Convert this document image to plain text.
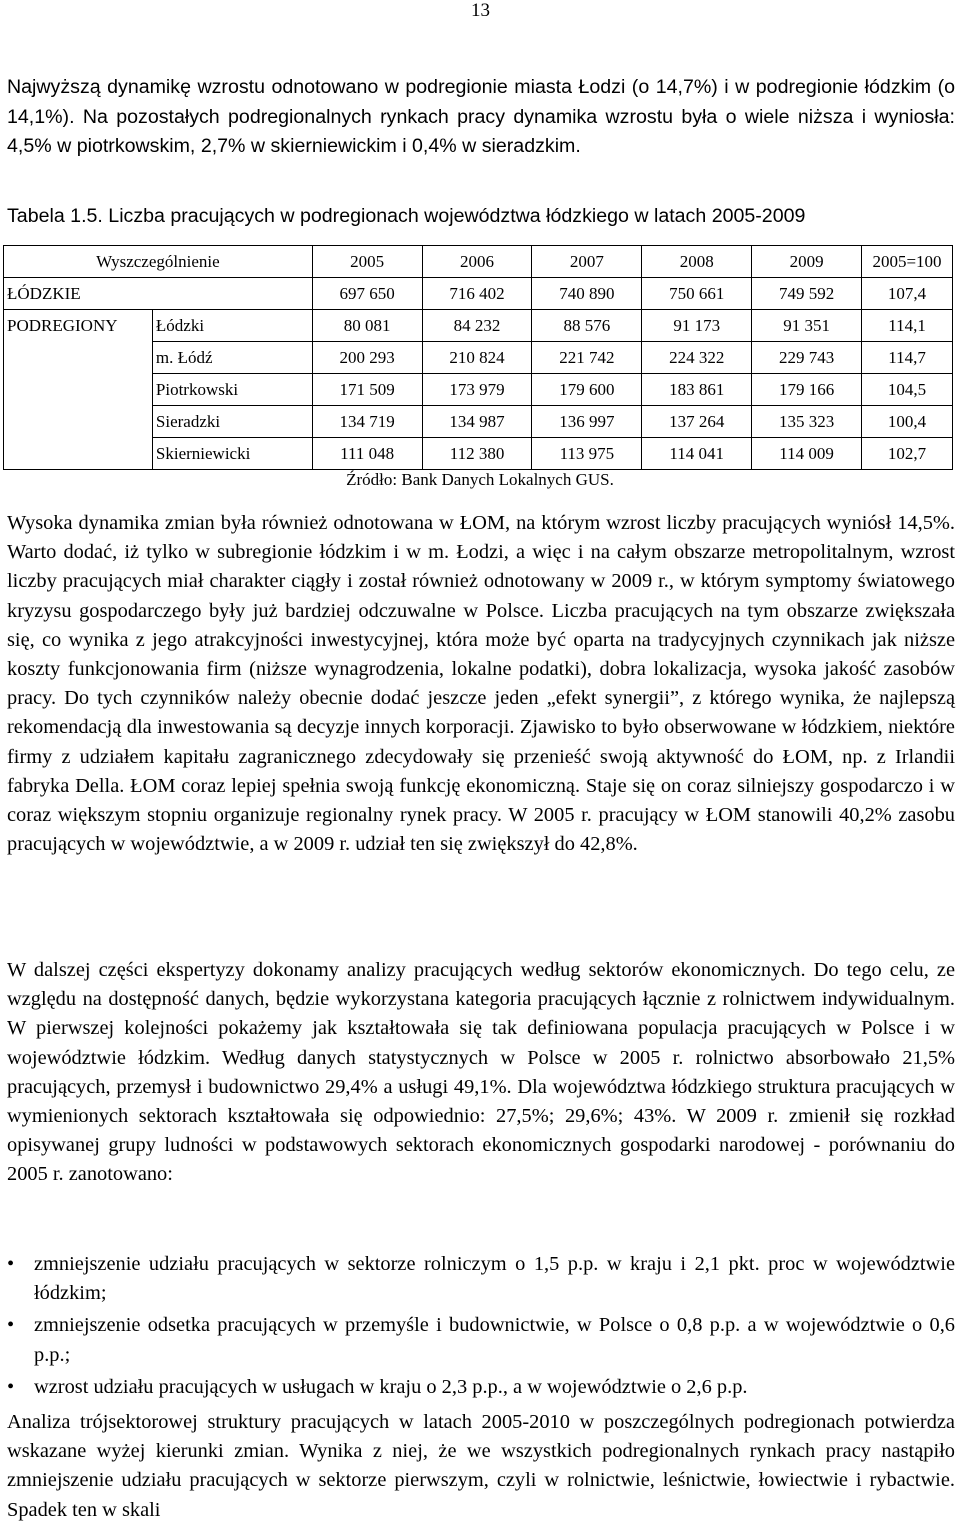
13

Najwyższą dynamikę wzrostu odnotowano w podregionie miasta Łodzi (o 14,7%) i w podregionie łódzkim (o 14,1%). Na pozostałych podregionalnych rynkach pracy dynamika wzrostu była o wiele niższa i wyniosła: 4,5% w piotrkowskim, 2,7% w skierniewickim i 0,4% w sieradzkim.

Tabela 1.5. Liczba pracujących w podregionach województwa łódzkiego w latach 2005-2009
Wyszczególnienie		2005	2006	2007	2008	2009	2005=100
ŁÓDZKIE		697 650	716 402	740 890	750 661	749 592	107,4
PODREGIONY	Łódzki	80 081	84 232	88 576	91 173	91 351	114,1
	m. Łódź	200 293	210 824	221 742	224 322	229 743	114,7
	Piotrkowski	171 509	173 979	179 600	183 861	179 166	104,5
	Sieradzki	134 719	134 987	136 997	137 264	135 323	100,4
	Skierniewicki	111 048	112 380	113 975	114 041	114 009	102,7
Źródło: Bank Danych Lokalnych GUS.

Wysoka dynamika zmian była również odnotowana w ŁOM, na którym wzrost liczby pracujących wyniósł 14,5%. Warto dodać, iż tylko w subregionie łódzkim i w m. Łodzi, a więc i na całym obszarze metropolitalnym, wzrost liczby pracujących miał charakter ciągły i został również odnotowany w 2009 r., w którym symptomy światowego kryzysu gospodarczego były już bardziej odczuwalne w Polsce. Liczba pracujących na tym obszarze zwiększała się, co wynika z jego atrakcyjności inwestycyjnej, która może być oparta na tradycyjnych czynnikach jak niższe koszty funkcjonowania firm (niższe wynagrodzenia, lokalne podatki), dobra lokalizacja, wysoka jakość zasobów pracy. Do tych czynników należy obecnie dodać jeszcze jeden „efekt synergii”, z którego wynika, że najlepszą rekomendacją dla inwestowania są decyzje innych korporacji. Zjawisko to było obserwowane w łódzkiem, niektóre firmy z udziałem kapitału zagranicznego zdecydowały się przenieść swoją aktywność do ŁOM, np. z Irlandii fabryka Della. ŁOM coraz lepiej spełnia swoją funkcję ekonomiczną. Staje się on coraz silniejszy gospodarczo i w coraz większym stopniu organizuje regionalny rynek pracy. W 2005 r. pracujący w ŁOM stanowili 40,2% zasobu pracujących w województwie, a w 2009 r. udział ten się zwiększył do 42,8%.

W dalszej części ekspertyzy dokonamy analizy pracujących według sektorów ekonomicznych. Do tego celu, ze względu na dostępność danych, będzie wykorzystana kategoria pracujących łącznie z rolnictwem indywidualnym. W pierwszej kolejności pokażemy jak kształtowała się tak definiowana populacja pracujących w Polsce i w województwie łódzkim. Według danych statystycznych w Polsce w 2005 r. rolnictwo absorbowało 21,5% pracujących, przemysł i budownictwo 29,4% a usługi 49,1%. Dla województwa łódzkiego struktura pracujących w wymienionych sektorach kształtowała się odpowiednio: 27,5%; 29,6%; 43%. W 2009 r. zmienił się rozkład opisywanej grupy ludności w podstawowych sektorach ekonomicznych gospodarki narodowej - porównaniu do 2005 r. zanotowano:

• zmniejszenie udziału pracujących w sektorze rolniczym o 1,5 p.p. w kraju i 2,1 pkt. proc w województwie łódzkim;
• zmniejszenie odsetka pracujących w przemyśle i budownictwie, w Polsce o 0,8 p.p. a w województwie o 0,6 p.p.;
• wzrost udziału pracujących w usługach w kraju o 2,3 p.p., a w województwie o 2,6 p.p.

Analiza trójsektorowej struktury pracujących w latach 2005-2010 w poszczególnych podregionach potwierdza wskazane wyżej kierunki zmian. Wynika z niej, że we wszystkich podregionalnych rynkach pracy nastąpiło zmniejszenie udziału pracujących w sektorze pierwszym, czyli w rolnictwie, leśnictwie, łowiectwie i rybactwie. Spadek ten w skali
